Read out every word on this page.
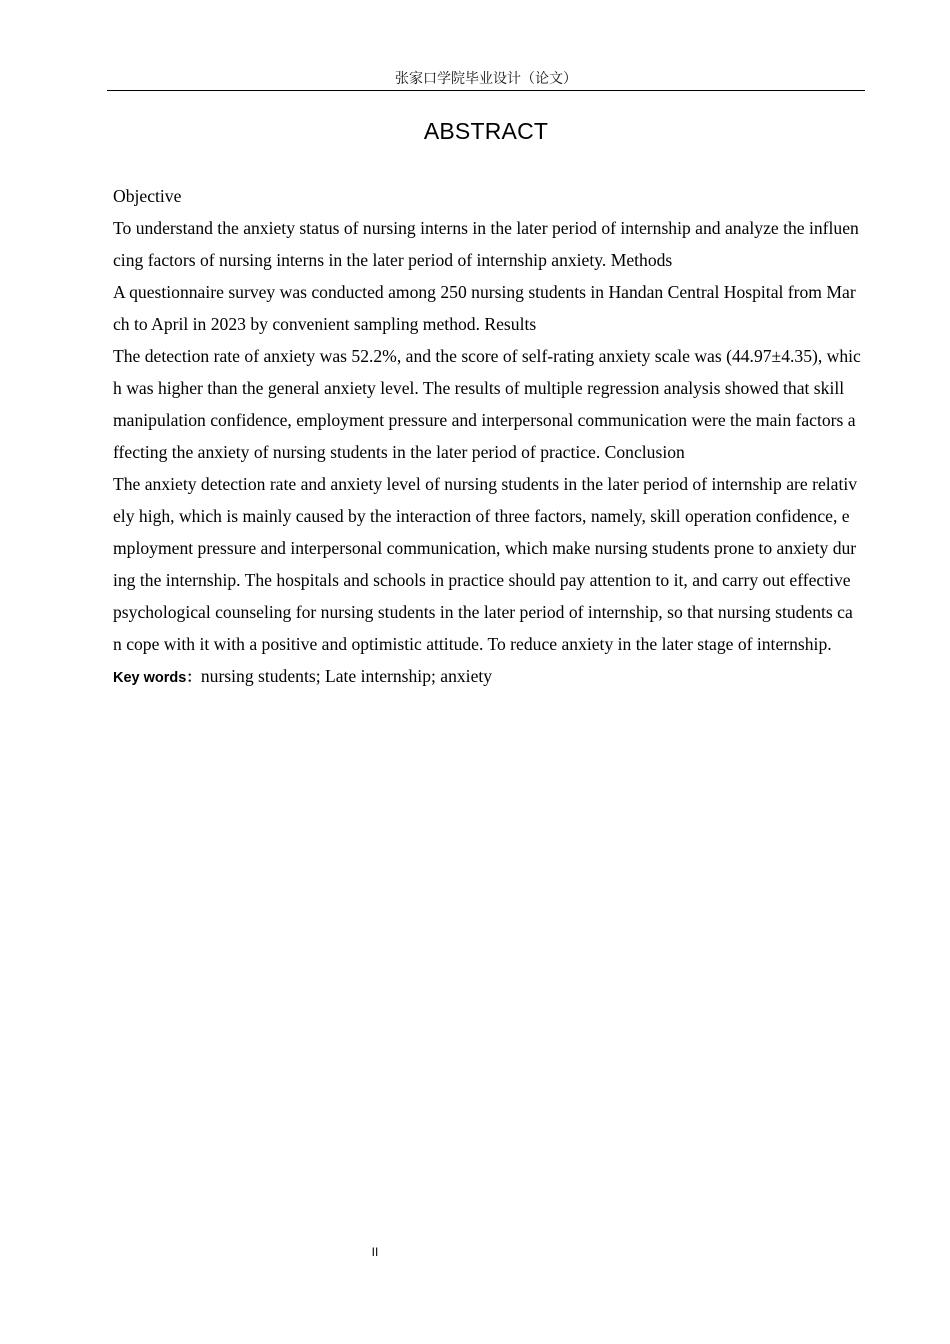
张家口学院毕业设计（论文）
ABSTRACT

Objective

To understand the anxiety status of nursing interns in the later period of internship and analyze the influencing factors of nursing interns in the later period of internship anxiety. Methods

A questionnaire survey was conducted among 250 nursing students in Handan Central Hospital from March to April in 2023 by convenient sampling method. Results

The detection rate of anxiety was 52.2%, and the score of self-rating anxiety scale was (44.97±4.35), which was higher than the general anxiety level. The results of multiple regression analysis showed that skill manipulation confidence, employment pressure and interpersonal communication were the main factors affecting the anxiety of nursing students in the later period of practice. Conclusion

The anxiety detection rate and anxiety level of nursing students in the later period of internship are relatively high, which is mainly caused by the interaction of three factors, namely, skill operation confidence, employment pressure and interpersonal communication, which make nursing students prone to anxiety during the internship. The hospitals and schools in practice should pay attention to it, and carry out effective psychological counseling for nursing students in the later period of internship, so that nursing students can cope with it with a positive and optimistic attitude. To reduce anxiety in the later stage of internship.

Key words：nursing students; Late internship; anxiety

II
